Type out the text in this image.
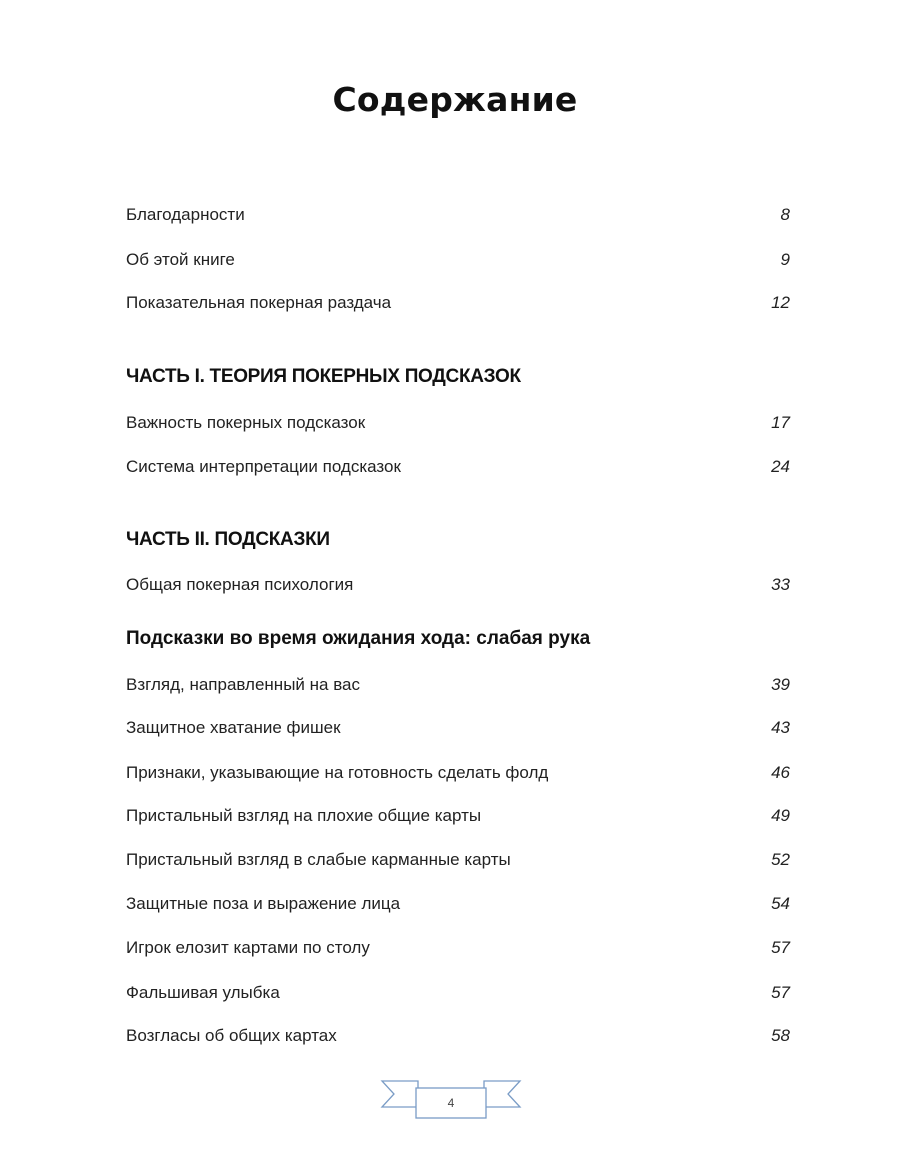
Содержание
Благодарности	8
Об этой книге	9
Показательная покерная раздача	12
ЧАСТЬ I. ТЕОРИЯ ПОКЕРНЫХ ПОДСКАЗОК
Важность покерных подсказок	17
Система интерпретации подсказок	24
ЧАСТЬ II. ПОДСКАЗКИ
Общая покерная психология	33
Подсказки во время ожидания хода: слабая рука
Взгляд, направленный на вас	39
Защитное хватание фишек	43
Признаки, указывающие на готовность сделать фолд	46
Пристальный взгляд на плохие общие карты	49
Пристальный взгляд в слабые карманные карты	52
Защитные поза и выражение лица	54
Игрок елозит картами по столу	57
Фальшивая улыбка	57
Возгласы об общих картах	58
4
